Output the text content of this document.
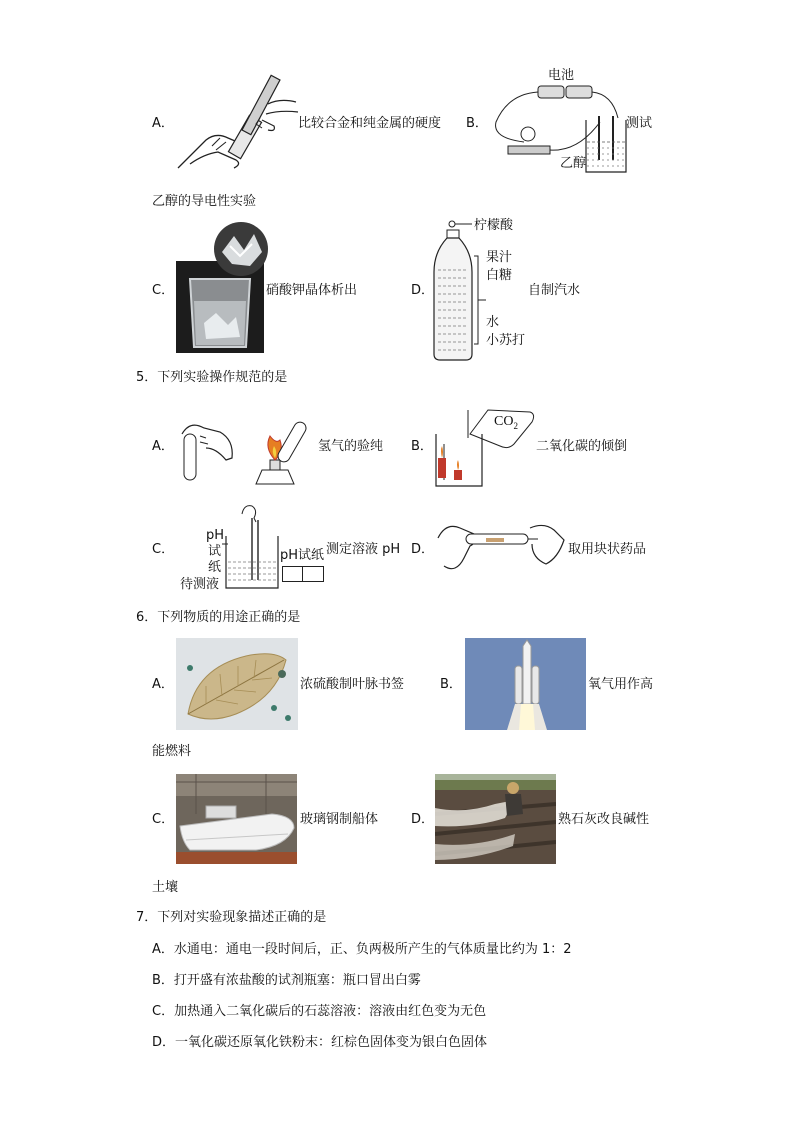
A．	比较合金和纯金属的硬度 B．
电池
测试
乙醇
乙醇的导电性实验
C．	硝酸钾晶体析出	D．
柠檬酸
果汁
白糖
水
小苏打
自制汽水
5．下列实验操作规范的是
A．	氢气的验纯 B．
$CO_2$
二氧化碳的倾倒
C．
pH
试
纸
待测液
pH试纸 测定溶液 pH D．	取用块状药品
6．下列物质的用途正确的是
A．	浓硫酸制叶脉书签	B．	氧气用作高
能燃料
C．	玻璃钢制船体	D．	熟石灰改良碱性
土壤
7．下列对实验现象描述正确的是
A．水通电：通电一段时间后，正、负两极所产生的气体质量比约为 1：2
B．打开盛有浓盐酸的试剂瓶塞：瓶口冒出白雾
C．加热通入二氧化碳后的石蕊溶液：溶液由红色变为无色
D．一氧化碳还原氧化铁粉末：红棕色固体变为银白色固体
